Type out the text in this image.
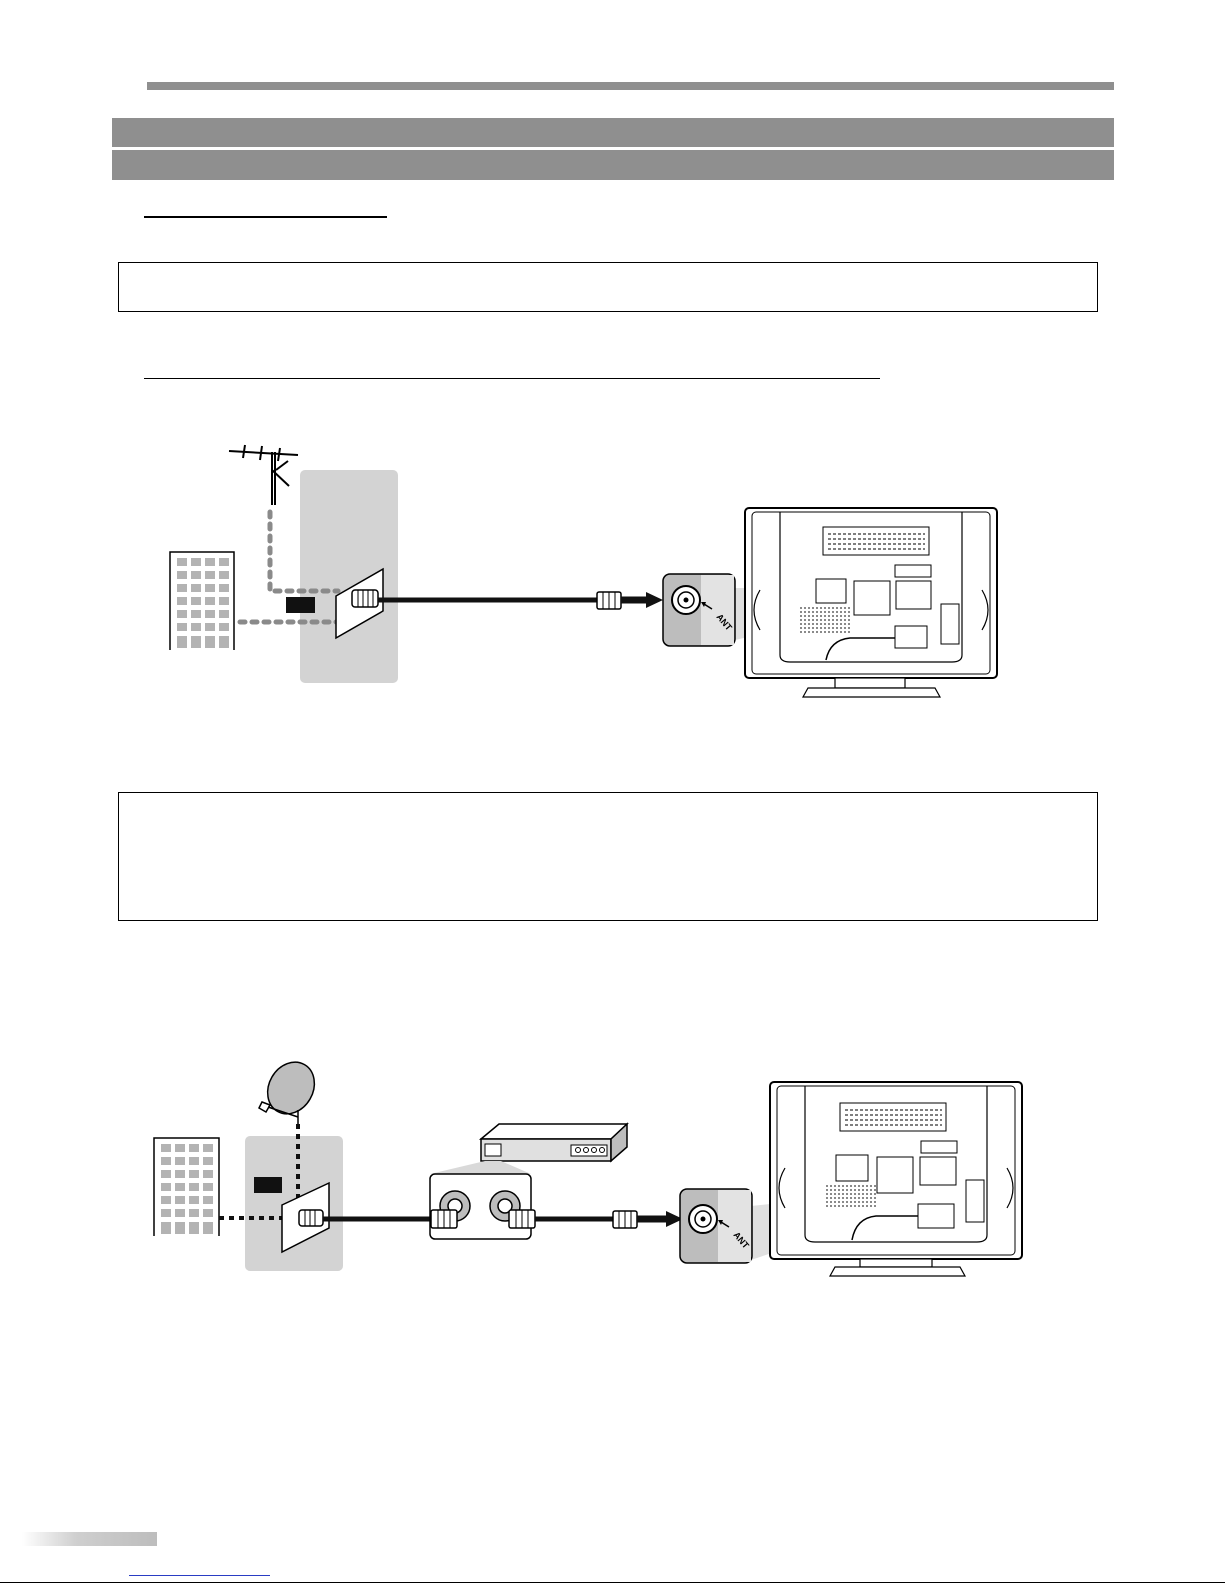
ANT
ANT
